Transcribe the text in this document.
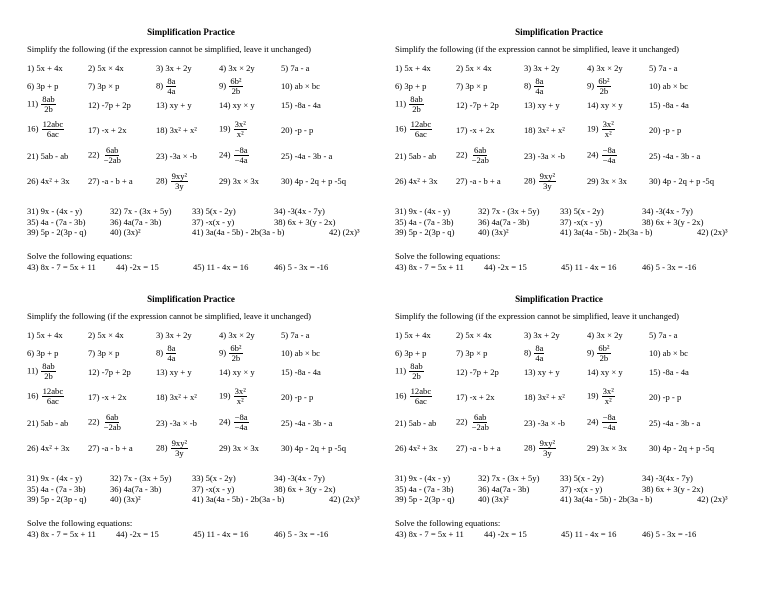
Simplification Practice
Simplify the following (if the expression cannot be simplified, leave it unchanged)
1) 5x + 4x	2) 5x × 4x	3) 3x + 2y	4) 3x × 2y	5) 7a - a
6) 3p + p	7) 3p × p	$8) \frac{8a}{4a}$	$9) \frac{\text{6b²}}{2b}$	10) ab × bc
$11) \frac{8ab}{2b}$	12) -7p + 2p	13) xy + y	14) xy × y	15) -8a - 4a
$16) \frac{\text{12abc}}{6ac}$	17) -x + 2x	18) 3x² + x²	$19) \frac{\text{3x²}}{\text{x²}}$	20) -p - p
21) 5ab - ab $22) \frac{6ab}{-2ab}$	23) -3a × -b	$24) \frac{-8a}{-4a}$	25) -4a - 3b - a
26) 4x² + 3x 27) -a - b + a	$28) \frac{\text{9xy²}}{3y}$	29) 3x × 3x	30) 4p - 2q + p -5q
31) 9x - (4x - y)	32) 7x - (3x + 5y) 33) 5(x - 2y)	34) -3(4x - 7y)
35) 4a - (7a - 3b)	36) 4a(7a - 3b)	37) -x(x - y)	38) 6x + 3(y - 2x)
39) 5p - 2(3p - q)	40) (3x)²	41) 3a(4a - 5b) - 2b(3a - b)	42) (2x)³
Solve the following equations:
43) 8x - 7 = 5x + 11 44) -2x = 15	45) 11 - 4x = 16	46) 5 - 3x = -16
Simplification Practice
Simplify the following (if the expression cannot be simplified, leave it unchanged)
1) 5x + 4x	2) 5x × 4x	3) 3x + 2y	4) 3x × 2y	5) 7a - a
6) 3p + p	7) 3p × p	$8) \frac{8a}{4a}$	$9) \frac{\text{6b²}}{2b}$	10) ab × bc
$11) \frac{8ab}{2b}$	12) -7p + 2p	13) xy + y	14) xy × y	15) -8a - 4a
$16) \frac{\text{12abc}}{6ac}$	17) -x + 2x	18) 3x² + x²	$19) \frac{\text{3x²}}{\text{x²}}$	20) -p - p
21) 5ab - ab $22) \frac{6ab}{-2ab}$	23) -3a × -b	$24) \frac{-8a}{-4a}$	25) -4a - 3b - a
26) 4x² + 3x 27) -a - b + a	$28) \frac{\text{9xy²}}{3y}$	29) 3x × 3x	30) 4p - 2q + p -5q
31) 9x - (4x - y)	32) 7x - (3x + 5y) 33) 5(x - 2y)	34) -3(4x - 7y)
35) 4a - (7a - 3b)	36) 4a(7a - 3b)	37) -x(x - y)	38) 6x + 3(y - 2x)
39) 5p - 2(3p - q)	40) (3x)²	41) 3a(4a - 5b) - 2b(3a - b)	42) (2x)³
Solve the following equations:
43) 8x - 7 = 5x + 11 44) -2x = 15	45) 11 - 4x = 16	46) 5 - 3x = -16
Simplification Practice
Simplify the following (if the expression cannot be simplified, leave it unchanged)
1) 5x + 4x	2) 5x × 4x	3) 3x + 2y	4) 3x × 2y	5) 7a - a
6) 3p + p	7) 3p × p	$8) \frac{8a}{4a}$	$9) \frac{\text{6b²}}{2b}$	10) ab × bc
$11) \frac{8ab}{2b}$	12) -7p + 2p	13) xy + y	14) xy × y	15) -8a - 4a
$16) \frac{\text{12abc}}{6ac}$	17) -x + 2x	18) 3x² + x²	$19) \frac{\text{3x²}}{\text{x²}}$	20) -p - p
21) 5ab - ab $22) \frac{6ab}{-2ab}$	23) -3a × -b	$24) \frac{-8a}{-4a}$	25) -4a - 3b - a
26) 4x² + 3x 27) -a - b + a	$28) \frac{\text{9xy²}}{3y}$	29) 3x × 3x	30) 4p - 2q + p -5q
31) 9x - (4x - y)	32) 7x - (3x + 5y) 33) 5(x - 2y)	34) -3(4x - 7y)
35) 4a - (7a - 3b)	36) 4a(7a - 3b)	37) -x(x - y)	38) 6x + 3(y - 2x)
39) 5p - 2(3p - q)	40) (3x)²	41) 3a(4a - 5b) - 2b(3a - b)	42) (2x)³
Solve the following equations:
43) 8x - 7 = 5x + 11 44) -2x = 15	45) 11 - 4x = 16	46) 5 - 3x = -16
Simplification Practice
Simplify the following (if the expression cannot be simplified, leave it unchanged)
1) 5x + 4x	2) 5x × 4x	3) 3x + 2y	4) 3x × 2y	5) 7a - a
6) 3p + p	7) 3p × p	$8) \frac{8a}{4a}$	$9) \frac{\text{6b²}}{2b}$	10) ab × bc
$11) \frac{8ab}{2b}$	12) -7p + 2p	13) xy + y	14) xy × y	15) -8a - 4a
$16) \frac{\text{12abc}}{6ac}$	17) -x + 2x	18) 3x² + x²	$19) \frac{\text{3x²}}{\text{x²}}$	20) -p - p
21) 5ab - ab $22) \frac{6ab}{-2ab}$	23) -3a × -b	$24) \frac{-8a}{-4a}$	25) -4a - 3b - a
26) 4x² + 3x 27) -a - b + a	$28) \frac{\text{9xy²}}{3y}$	29) 3x × 3x	30) 4p - 2q + p -5q
31) 9x - (4x - y)	32) 7x - (3x + 5y) 33) 5(x - 2y)	34) -3(4x - 7y)
35) 4a - (7a - 3b)	36) 4a(7a - 3b)	37) -x(x - y)	38) 6x + 3(y - 2x)
39) 5p - 2(3p - q)	40) (3x)²	41) 3a(4a - 5b) - 2b(3a - b)	42) (2x)³
Solve the following equations:
43) 8x - 7 = 5x + 11 44) -2x = 15	45) 11 - 4x = 16	46) 5 - 3x = -16
